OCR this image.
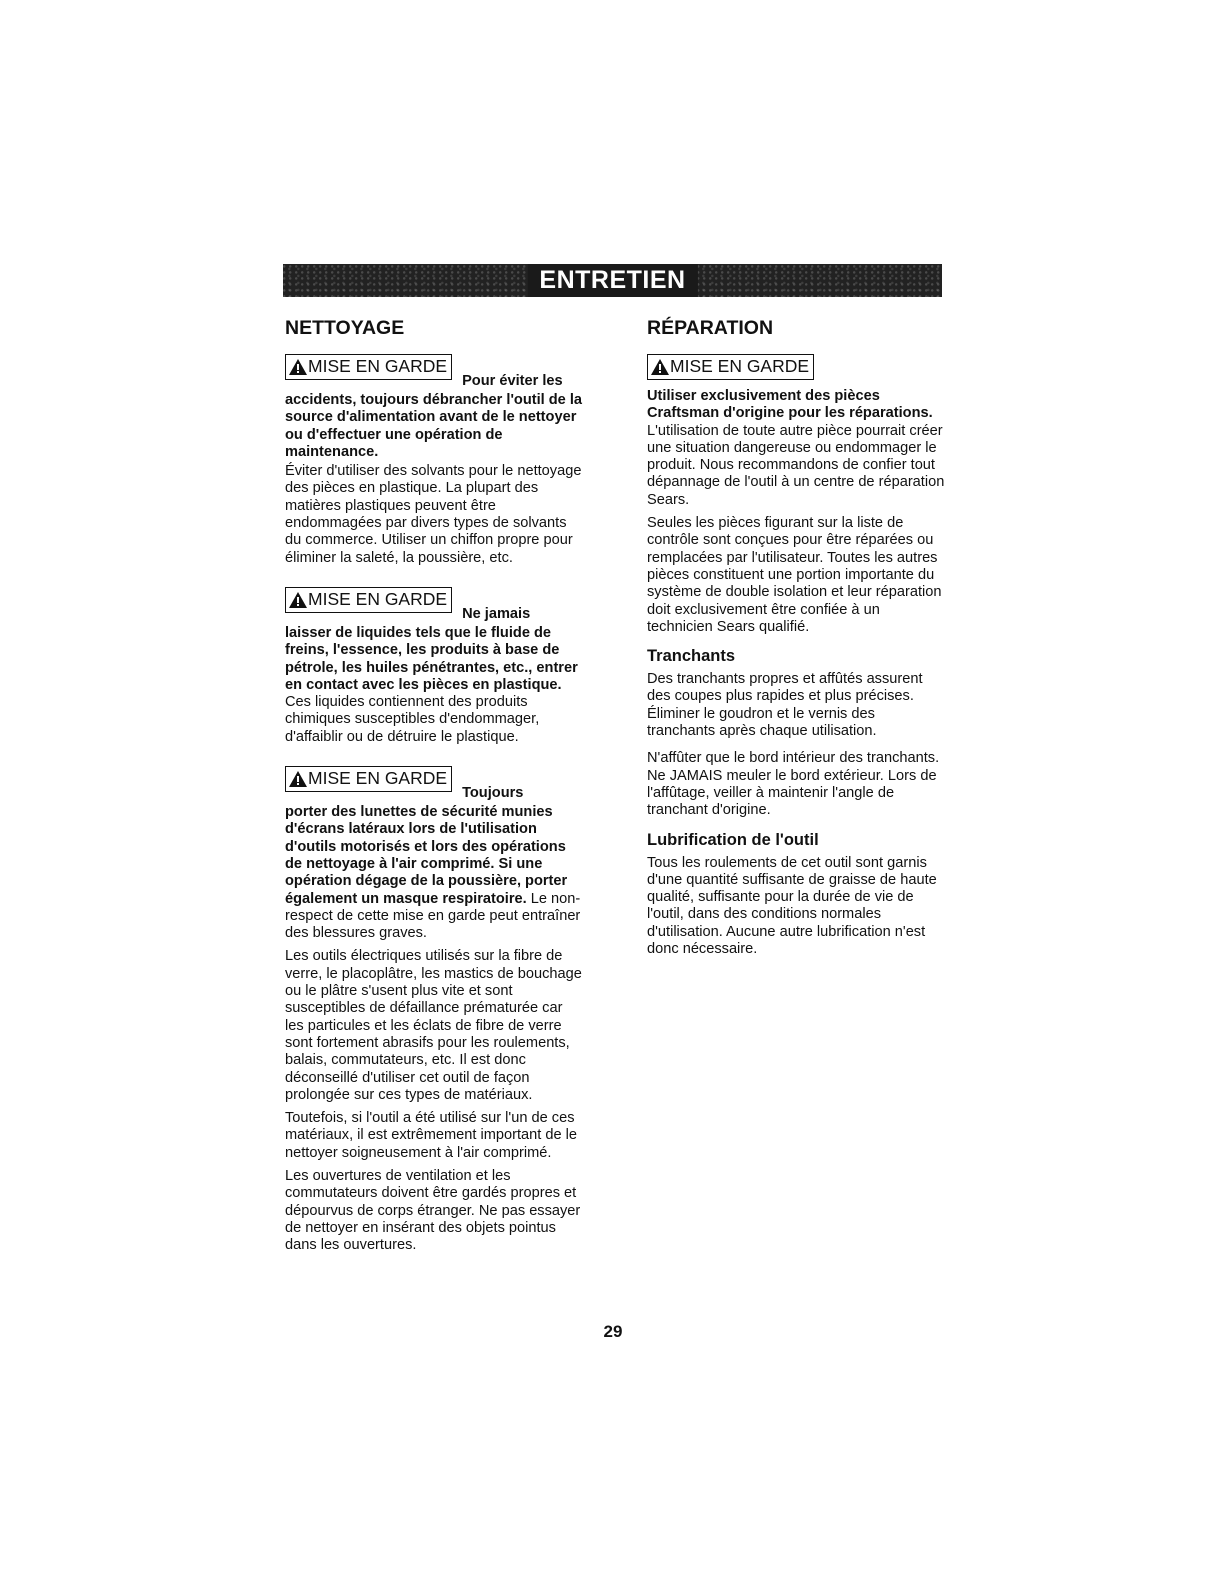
ENTRETIEN
NETTOYAGE
MISE EN GARDE
Pour éviter les

accidents, toujours débrancher l'outil de la source d'alimentation avant de le nettoyer ou d'effectuer une opération de maintenance.

Éviter d'utiliser des solvants pour le nettoyage des pièces en plastique. La plupart des matières plastiques peuvent être endommagées par divers types de solvants du commerce. Utiliser un chiffon propre pour éliminer la saleté, la poussière, etc.

MISE EN GARDE
Ne jamais

laisser de liquides tels que le fluide de freins, l'essence, les produits à base de pétrole, les huiles pénétrantes, etc., entrer en contact avec les pièces en plastique. Ces liquides contiennent des produits chimiques susceptibles d'endommager, d'affaiblir ou de détruire le plastique.

MISE EN GARDE
Toujours

porter des lunettes de sécurité munies d'écrans latéraux lors de l'utilisation d'outils motorisés et lors des opérations de nettoyage à l'air comprimé. Si une opération dégage de la poussière, porter également un masque respiratoire. Le non-respect de cette mise en garde peut entraîner des blessures graves.

Les outils électriques utilisés sur la fibre de verre, le placoplâtre, les mastics de bouchage ou le plâtre s'usent plus vite et sont susceptibles de défaillance prématurée car les particules et les éclats de fibre de verre sont fortement abrasifs pour les roulements, balais, commutateurs, etc. Il est donc déconseillé d'utiliser cet outil de façon prolongée sur ces types de matériaux.

Toutefois, si l'outil a été utilisé sur l'un de ces matériaux, il est extrêmement important de le nettoyer soigneusement à l'air comprimé.

Les ouvertures de ventilation et les commutateurs doivent être gardés propres et dépourvus de corps étranger. Ne pas essayer de nettoyer en insérant des objets pointus dans les ouvertures.

RÉPARATION
MISE EN GARDE

Utiliser exclusivement des pièces Craftsman d'origine pour les réparations. L'utilisation de toute autre pièce pourrait créer une situation dangereuse ou endommager le produit. Nous recommandons de confier tout dépannage de l'outil à un centre de réparation Sears.

Seules les pièces figurant sur la liste de contrôle sont conçues pour être réparées ou remplacées par l'utilisateur. Toutes les autres pièces constituent une portion importante du système de double isolation et leur réparation doit exclusivement être confiée à un technicien Sears qualifié.

Tranchants

Des tranchants propres et affûtés assurent des coupes plus rapides et plus précises. Éliminer le goudron et le vernis des tranchants après chaque utilisation.

N'affûter que le bord intérieur des tranchants. Ne JAMAIS meuler le bord extérieur. Lors de l'affûtage, veiller à maintenir l'angle de tranchant d'origine.

Lubrification de l'outil

Tous les roulements de cet outil sont garnis d'une quantité suffisante de graisse de haute qualité, suffisante pour la durée de vie de l'outil, dans des conditions normales d'utilisation. Aucune autre lubrification n'est donc nécessaire.

29
